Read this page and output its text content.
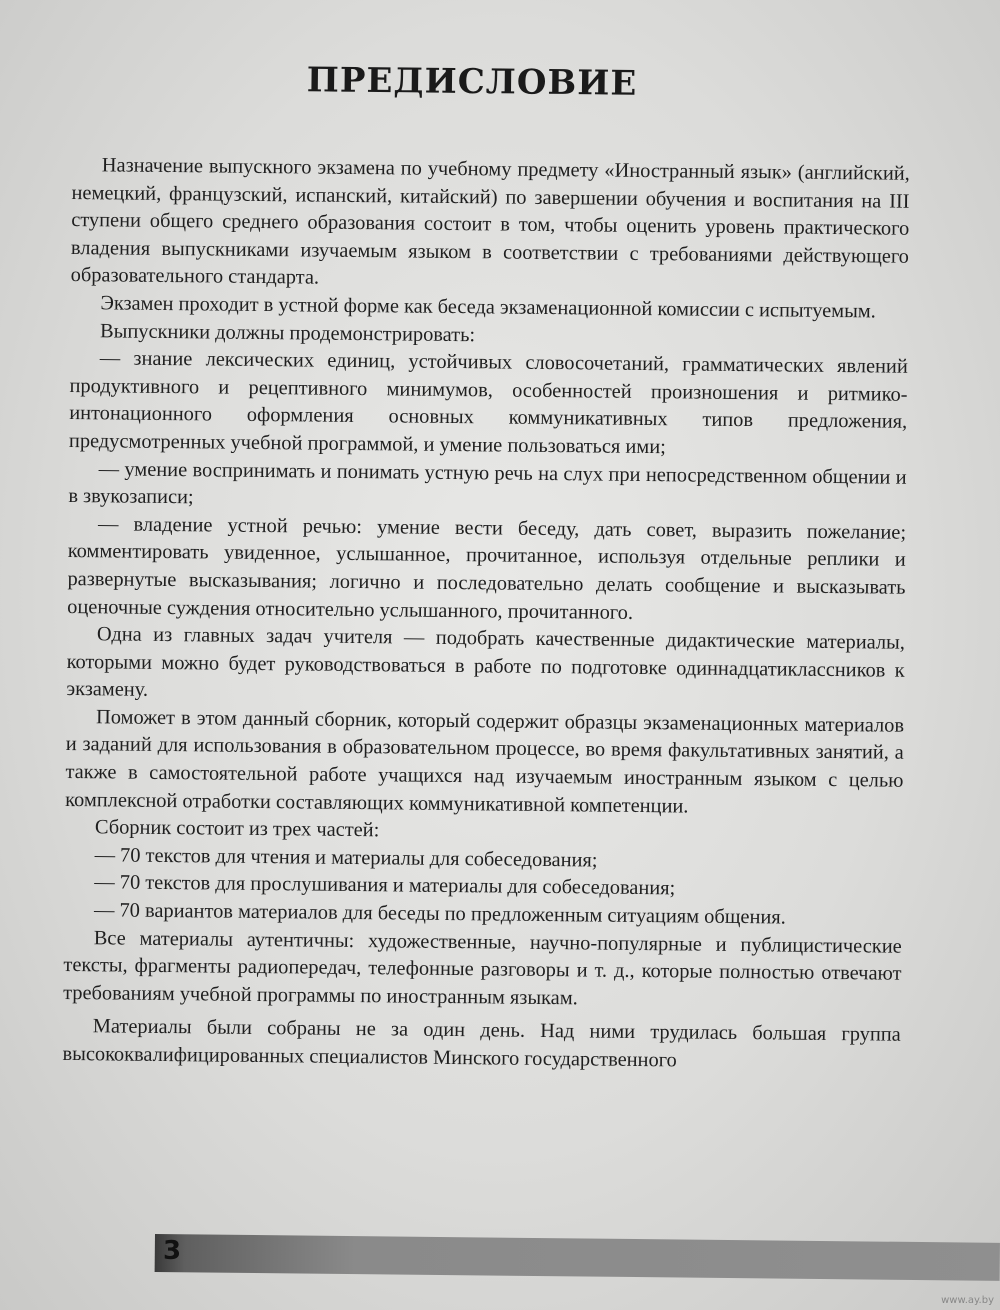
ПРЕДИСЛОВИЕ

Назначение выпускного экзамена по учебному предмету «Иностранный язык» (английский, немецкий, французский, испанский, китайский) по завершении обучения и воспитания на III ступени общего среднего образования состоит в том, чтобы оценить уровень практического владения выпускниками изучаемым языком в соответствии с требованиями действующего образовательного стандарта.

Экзамен проходит в устной форме как беседа экзаменационной комиссии с испытуемым.

Выпускники должны продемонстрировать:

— знание лексических единиц, устойчивых словосочетаний, грамматических явлений продуктивного и рецептивного минимумов, особенностей произношения и ритмико-интонационного оформления основных коммуникативных типов предложения, предусмотренных учебной программой, и умение пользоваться ими;

— умение воспринимать и понимать устную речь на слух при непосредственном общении и в звукозаписи;

— владение устной речью: умение вести беседу, дать совет, выразить пожелание; комментировать увиденное, услышанное, прочитанное, используя отдельные реплики и развернутые высказывания; логично и последовательно делать сообщение и высказывать оценочные суждения относительно услышанного, прочитанного.

Одна из главных задач учителя — подобрать качественные дидактические материалы, которыми можно будет руководствоваться в работе по подготовке одиннадцатиклассников к экзамену.

Поможет в этом данный сборник, который содержит образцы экзаменационных материалов и заданий для использования в образовательном процессе, во время факультативных занятий, а также в самостоятельной работе учащихся над изучаемым иностранным языком с целью комплексной отработки составляющих коммуникативной компетенции.

Сборник состоит из трех частей:

— 70 текстов для чтения и материалы для собеседования;

— 70 текстов для прослушивания и материалы для собеседования;

— 70 вариантов материалов для беседы по предложенным ситуациям общения.

Все материалы аутентичны: художественные, научно-популярные и публицистические тексты, фрагменты радиопередач, телефонные разговоры и т. д., которые полностью отвечают требованиям учебной программы по иностранным языкам.

Материалы были собраны не за один день. Над ними трудилась большая группа высококвалифицированных специалистов Минского государственного

3
www.ay.by
